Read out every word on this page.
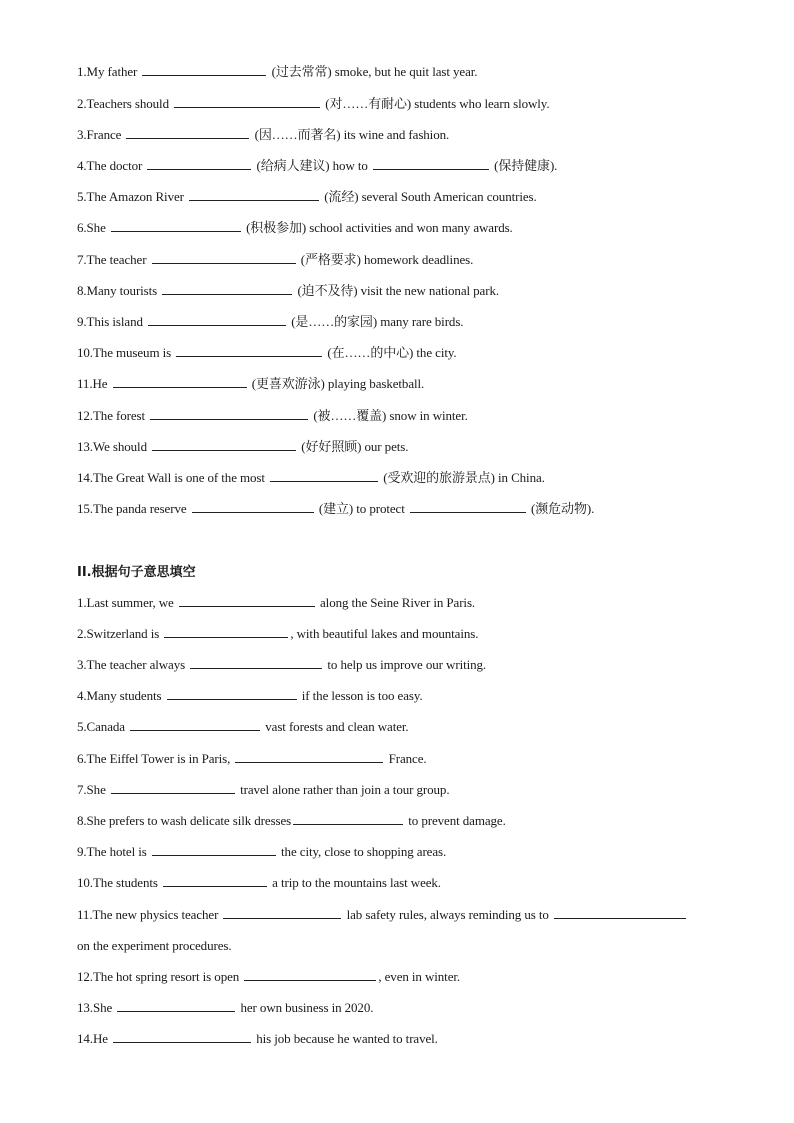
1.My father	(过去常常) smoke, but he quit last year.
2.Teachers should	(对……有耐心) students who learn slowly.
3.France	(因……而著名) its wine and fashion.
4.The doctor	(给病人建议) how to	(保持健康).
5.The Amazon River	(流经) several South American countries.
6.She	(积极参加) school activities and won many awards.
7.The teacher	(严格要求) homework deadlines.
8.Many tourists	(迫不及待) visit the new national park.
9.This island	(是……的家园) many rare birds.
10.The museum is	(在……的中心) the city.
11.He	(更喜欢游泳) playing basketball.
12.The forest	(被……覆盖) snow in winter.
13.We should	(好好照顾) our pets.
14.The Great Wall is one of the most	(受欢迎的旅游景点) in China.
15.The panda reserve	(建立) to protect	(濒危动物).
II.根据句子意思填空
1.Last summer, we	along the Seine River in Paris.
2.Switzerland is	, with beautiful lakes and mountains.
3.The teacher always	to help us improve our writing.
4.Many students	if the lesson is too easy.
5.Canada	vast forests and clean water.
6.The Eiffel Tower is in Paris,	France.
7.She	travel alone rather than join a tour group.
8.She prefers to wash delicate silk dresses	to prevent damage.
9.The hotel is	the city, close to shopping areas.
10.The students	a trip to the mountains last week.
11.The new physics teacher	lab safety rules, always reminding us to
on the experiment procedures.
12.The hot spring resort is open	, even in winter.
13.She	her own business in 2020.
14.He	his job because he wanted to travel.
